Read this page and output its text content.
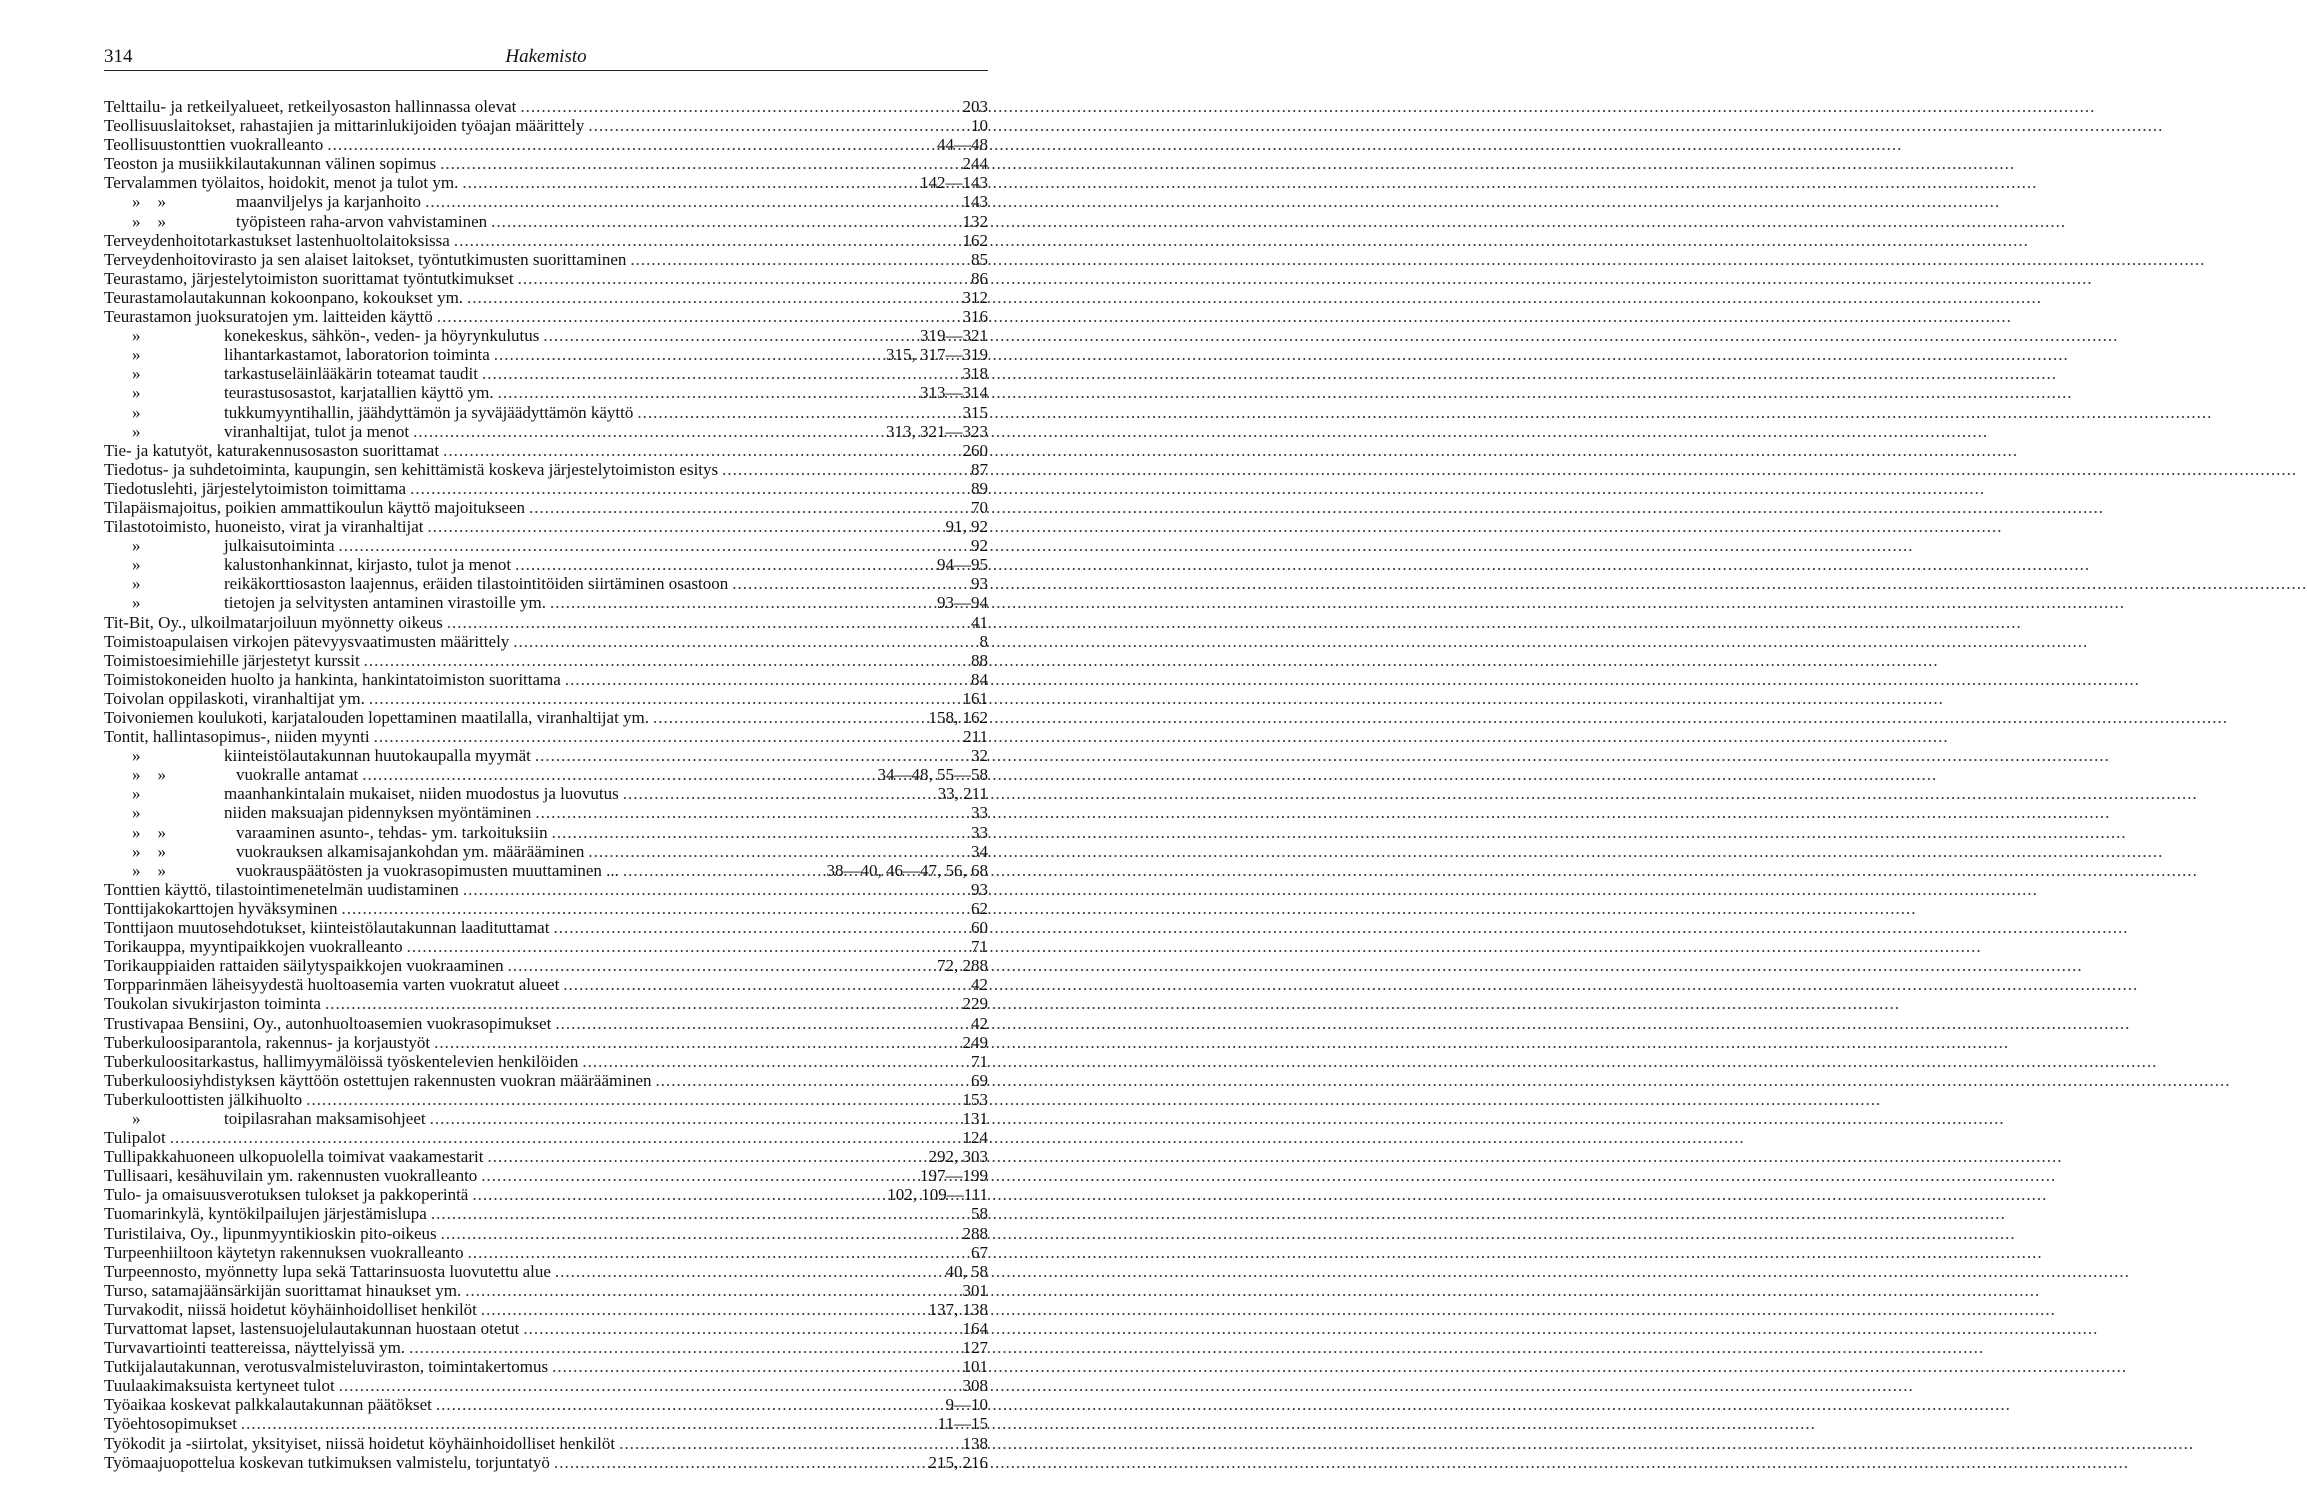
314	Hakemisto
Telttailu- ja retkeilyalueet, retkeilyosaston hallinnassa olevat .....	203
Teollisuuslaitokset, rahastajien ja mittarinlukijoiden työajan määrittely .....	10
Teollisuustonttien vuokralleanto .....	44—48
Teoston ja musiikkilautakunnan välinen sopimus .....	244
Tervalammen työlaitos, hoidokit, menot ja tulot ym. .....	142—143
» »	maanviljelys ja karjanhoito .....	143
» »	työpisteen raha-arvon vahvistaminen .....	132
Terveydenhoitotarkastukset lastenhuoltolaitoksissa .....	162
Terveydenhoitovirasto ja sen alaiset laitokset, työntutkimusten suorittaminen .....	85
Teurastamo, järjestelytoimiston suorittamat työntutkimukset .....	86
Teurastamolautakunnan kokoonpano, kokoukset ym. .....	312
Teurastamon juoksuratojen ym. laitteiden käyttö .....	316
»	konekeskus, sähkön-, veden- ja höyrynkulutus .....	319—321
»	lihantarkastamot, laboratorion toiminta .....	315, 317—319
»	tarkastuseläinlääkärin toteamat taudit .....	318
»	teurastusosastot, karjatallien käyttö ym. .....	313—314
»	tukkumyyntihallin, jäähdyttämön ja syväjäädyttämön käyttö .....	315
»	viranhaltijat, tulot ja menot .....	313, 321—323
Tie- ja katutyöt, katurakennusosaston suorittamat .....	260
Tiedotus- ja suhdetoiminta, kaupungin, sen kehittämistä koskeva järjestelytoimiston esitys .....	87
Tiedotuslehti, järjestelytoimiston toimittama .....	89
Tilapäismajoitus, poikien ammattikoulun käyttö majoitukseen .....	70
Tilastotoimisto, huoneisto, virat ja viranhaltijat .....	91, 92
»	julkaisutoiminta .....	92
»	kalustonhankinnat, kirjasto, tulot ja menot .....	94—95
»	reikäkorttiosaston laajennus, eräiden tilastointitöiden siirtäminen osastoon .....	93
»	tietojen ja selvitysten antaminen virastoille ym. .....	93—94
Tit-Bit, Oy., ulkoilmatarjoiluun myönnetty oikeus .....	41
Toimistoapulaisen virkojen pätevyysvaatimusten määrittely .....	8
Toimistoesimiehille järjestetyt kurssit .....	88
Toimistokoneiden huolto ja hankinta, hankintatoimiston suorittama .....	84
Toivolan oppilaskoti, viranhaltijat ym. .....	161
Toivoniemen koulukoti, karjatalouden lopettaminen maatilalla, viranhaltijat ym. .....	158, 162
Tontit, hallintasopimus-, niiden myynti .....	211
»	kiinteistölautakunnan huutokaupalla myymät .....	32
» »	vuokralle antamat .....	34—48, 55—58
»	maanhankintalain mukaiset, niiden muodostus ja luovutus .....	33, 211
»	niiden maksuajan pidennyksen myöntäminen .....	33
» »	varaaminen asunto-, tehdas- ym. tarkoituksiin .....	33
» »	vuokrauksen alkamisajankohdan ym. määrääminen .....	34
» »	vuokrauspäätösten ja vuokrasopimusten muuttaminen ... .....	38—40, 46—47, 56, 68
Tonttien käyttö, tilastointimenetelmän uudistaminen .....	93
Tonttijakokarttojen hyväksyminen .....	62
Tonttijaon muutosehdotukset, kiinteistölautakunnan laadituttamat .....	60
Torikauppa, myyntipaikkojen vuokralleanto .....	71
Torikauppiaiden rattaiden säilytyspaikkojen vuokraaminen .....	72, 288
Torpparinmäen läheisyydestä huoltoasemia varten vuokratut alueet .....	42
Toukolan sivukirjaston toiminta .....	229
Trustivapaa Bensiini, Oy., autonhuoltoasemien vuokrasopimukset .....	42
Tuberkuloosiparantola, rakennus- ja korjaustyöt .....	249
Tuberkuloositarkastus, hallimyymälöissä työskentelevien henkilöiden .....	71
Tuberkuloosiyhdistyksen käyttöön ostettujen rakennusten vuokran määrääminen .....	69
Tuberkuloottisten jälkihuolto .....	153
»	toipilasrahan maksamisohjeet .....	131
Tulipalot .....	124
Tullipakkahuoneen ulkopuolella toimivat vaakamestarit .....	292, 303
Tullisaari, kesähuvilain ym. rakennusten vuokralleanto .....	197—199
Tulo- ja omaisuusverotuksen tulokset ja pakkoperintä .....	102, 109—111
Tuomarinkylä, kyntökilpailujen järjestämislupa .....	58
Turistilaiva, Oy., lipunmyyntikioskin pito-oikeus .....	288
Turpeenhiiltoon käytetyn rakennuksen vuokralleanto .....	67
Turpeennosto, myönnetty lupa sekä Tattarinsuosta luovutettu alue .....	40, 58
Turso, satamajäänsärkijän suorittamat hinaukset ym. .....	301
Turvakodit, niissä hoidetut köyhäinhoidolliset henkilöt .....	137, 138
Turvattomat lapset, lastensuojelulautakunnan huostaan otetut .....	164
Turvavartiointi teattereissa, näyttelyissä ym. .....	127
Tutkijalautakunnan, verotusvalmisteluviraston, toimintakertomus .....	101
Tuulaakimaksuista kertyneet tulot .....	308
Työaikaa koskevat palkkalautakunnan päätökset .....	9—10
Työehtosopimukset .....	11—15
Työkodit ja -siirtolat, yksityiset, niissä hoidetut köyhäinhoidolliset henkilöt .....	138
Työmaajuopottelua koskevan tutkimuksen valmistelu, torjuntatyö .....	215, 216
